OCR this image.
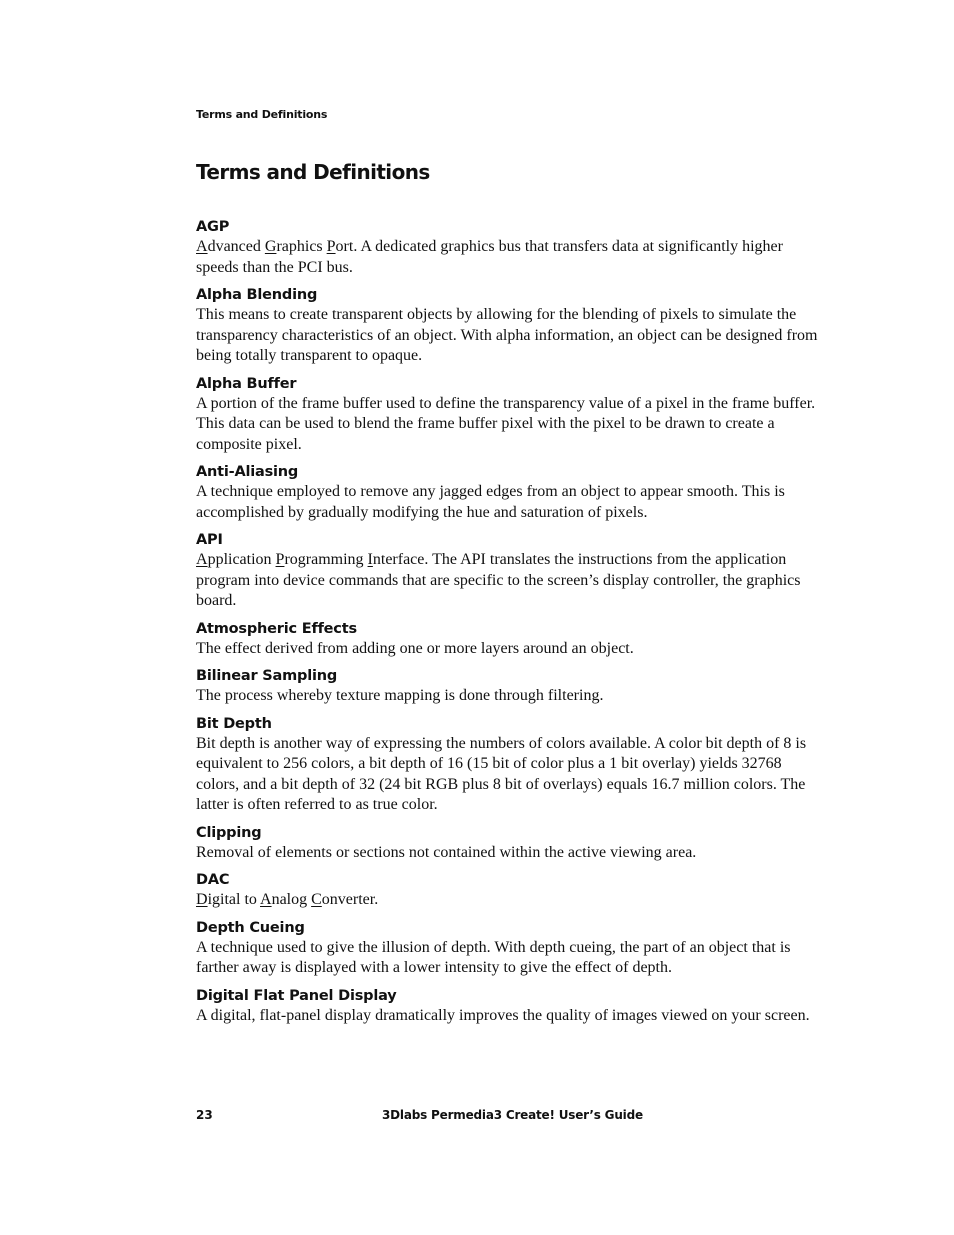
Terms and Definitions
Terms and Definitions
AGP

Advanced Graphics Port. A dedicated graphics bus that transfers data at significantly higher speeds than the PCI bus.

Alpha Blending

This means to create transparent objects by allowing for the blending of pixels to simulate the transparency characteristics of an object. With alpha information, an object can be designed from being totally transparent to opaque.

Alpha Buffer

A portion of the frame buffer used to define the transparency value of a pixel in the frame buffer. This data can be used to blend the frame buffer pixel with the pixel to be drawn to create a composite pixel.

Anti-Aliasing

A technique employed to remove any jagged edges from an object to appear smooth. This is accomplished by gradually modifying the hue and saturation of pixels.

API

Application Programming Interface. The API translates the instructions from the application program into device commands that are specific to the screen’s display controller, the graphics board.

Atmospheric Effects

The effect derived from adding one or more layers around an object.

Bilinear Sampling

The process whereby texture mapping is done through filtering.

Bit Depth

Bit depth is another way of expressing the numbers of colors available. A color bit depth of 8 is equivalent to 256 colors, a bit depth of 16 (15 bit of color plus a 1 bit overlay) yields 32768 colors, and a bit depth of 32 (24 bit RGB plus 8 bit of overlays) equals 16.7 million colors. The latter is often referred to as true color.

Clipping

Removal of elements or sections not contained within the active viewing area.

DAC

Digital to Analog Converter.

Depth Cueing

A technique used to give the illusion of depth. With depth cueing, the part of an object that is farther away is displayed with a lower intensity to give the effect of depth.

Digital Flat Panel Display

A digital, flat-panel display dramatically improves the quality of images viewed on your screen.

23	3Dlabs Permedia3 Create! User’s Guide
